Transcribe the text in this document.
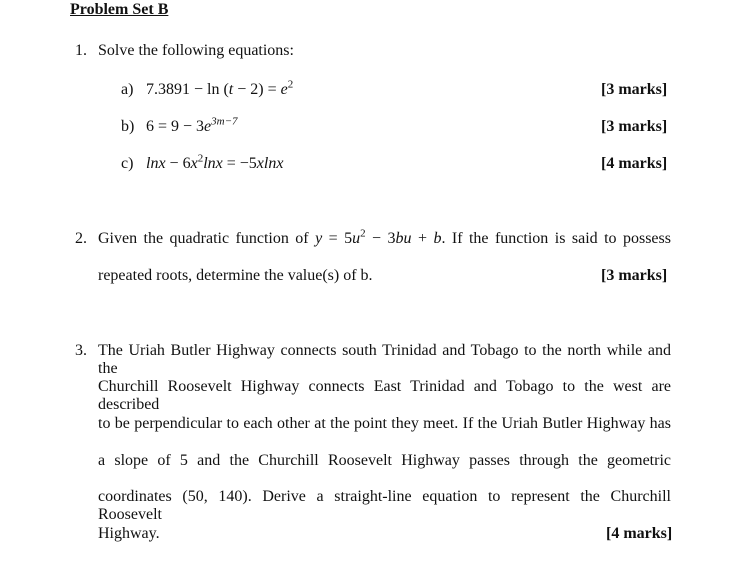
Problem Set B
1. Solve the following equations:
a) $7.3891 - \ln (t - 2) = e^2$	[3 marks]
b) $6 = 9 - 3e^{3m-7}$	[3 marks]
c) $\ln x - 6x^2\ln x = -5xlnx$	[4 marks]
2. Given the quadratic function of $y = 5u^2 - 3bu + b$. If the function is said to possess
repeated roots, determine the value(s) of b.	[3 marks]
3. The Uriah Butler Highway connects south Trinidad and Tobago to the north while and the
Churchill Roosevelt Highway connects East Trinidad and Tobago to the west are described
to be perpendicular to each other at the point they meet. If the Uriah Butler Highway has
a slope of 5 and the Churchill Roosevelt Highway passes through the geometric
coordinates (50, 140). Derive a straight-line equation to represent the Churchill Roosevelt
Highway.	[4 marks]
